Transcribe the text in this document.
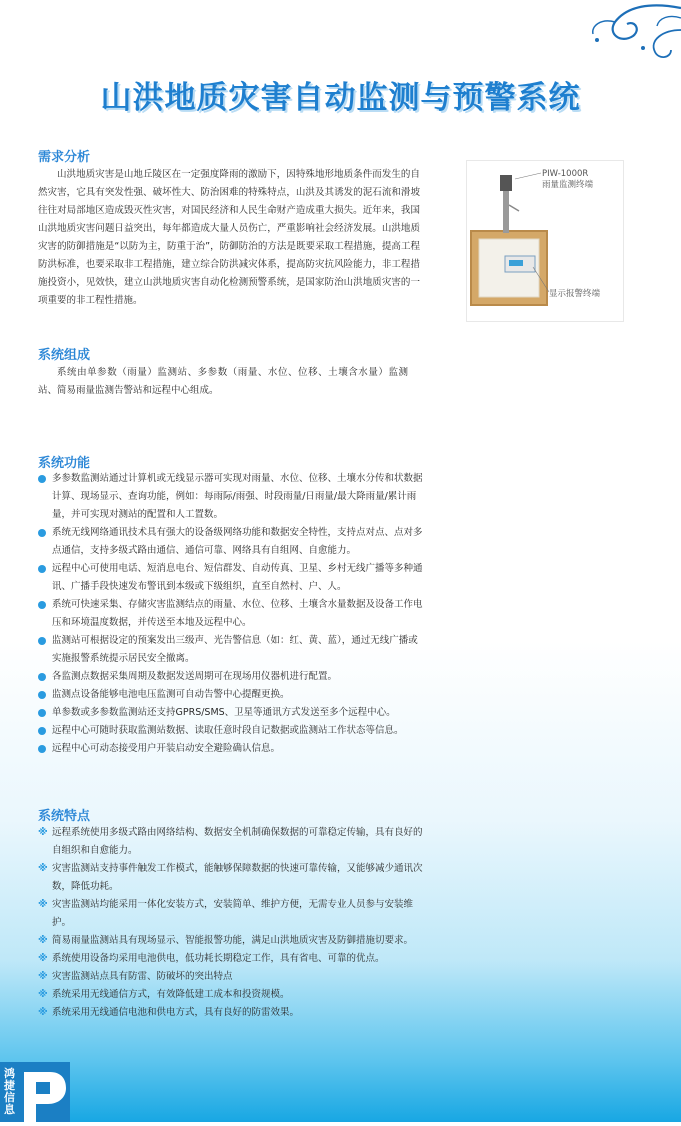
山洪地质灾害自动监测与预警系统
需求分析

山洪地质灾害是山地丘陵区在一定强度降雨的激励下，因特殊地形地质条件而发生的自然灾害，它具有突发性强、破坏性大、防治困难的特殊特点，山洪及其诱发的泥石流和滑坡往往对局部地区造成毁灭性灾害，对国民经济和人民生命财产造成重大损失。近年来，我国山洪地质灾害问题日益突出，每年都造成大量人员伤亡，严重影响社会经济发展。山洪地质灾害的防御措施是“以防为主，防重于治”，防御防治的方法是既要采取工程措施，提高工程防洪标准，也要采取非工程措施，建立综合防洪减灾体系，提高防灾抗风险能力，非工程措施投资小，见效快，建立山洪地质灾害自动化检测预警系统，是国家防治山洪地质灾害的一项重要的非工程性措施。

PIW-1000R
雨量监测终端
显示报警终端
系统组成

系统由单参数（雨量）监测站、多参数（雨量、水位、位移、土壤含水量）监测站、简易雨量监测告警站和远程中心组成。

系统功能
多参数监测站通过计算机或无线显示器可实现对雨量、水位、位移、土壤水分传和状数据计算、现场显示、查询功能，例如：每雨际/雨强、时段雨量/日雨量/最大降雨量/累计雨量，并可实现对测站的配置和人工置数。
系统无线网络通讯技术具有强大的设备级网络功能和数据安全特性，支持点对点、点对多点通信，支持多级式路由通信、通信可靠、网络具有自组网、自愈能力。
远程中心可使用电话、短消息电台、短信群发、自动传真、卫星、乡村无线广播等多种通讯、广播手段快速发布警讯到本级或下级组织，直至自然村、户、人。
系统可快速采集、存储灾害监测结点的雨量、水位、位移、土壤含水量数据及设备工作电压和环境温度数据，并传送至本地及远程中心。
监测站可根据设定的预案发出三级声、光告警信息（如：红、黄、蓝），通过无线广播或实施报警系统提示居民安全撤离。
各监测点数据采集周期及数据发送周期可在现场用仪器机进行配置。
监测点设备能够电池电压监测可自动告警中心提醒更换。
单参数或多参数监测站还支持GPRS/SMS、卫星等通讯方式发送至多个远程中心。
远程中心可随时获取监测站数据、读取任意时段自记数据或监测站工作状态等信息。
远程中心可动态接受用户开装启动安全避险确认信息。
系统特点
※ 远程系统使用多级式路由网络结构、数据安全机制确保数据的可靠稳定传输，具有良好的自组织和自愈能力。
※ 灾害监测站支持事件触发工作模式，能触够保障数据的快速可靠传输，又能够减少通讯次数，降低功耗。
※ 灾害监测站均能采用一体化安装方式，安装简单、维护方便，无需专业人员参与安装维护。
※ 简易雨量监测站具有现场显示、智能报警功能，满足山洪地质灾害及防御措施切要求。
※ 系统使用设备均采用电池供电，低功耗长期稳定工作，具有省电、可靠的优点。
※ 灾害监测站点具有防雷、防破坏的突出特点
※ 系统采用无线通信方式，有效降低建工成本和投资规模。
※ 系统采用无线通信电池和供电方式，具有良好的防雷效果。
鸿捷信息
